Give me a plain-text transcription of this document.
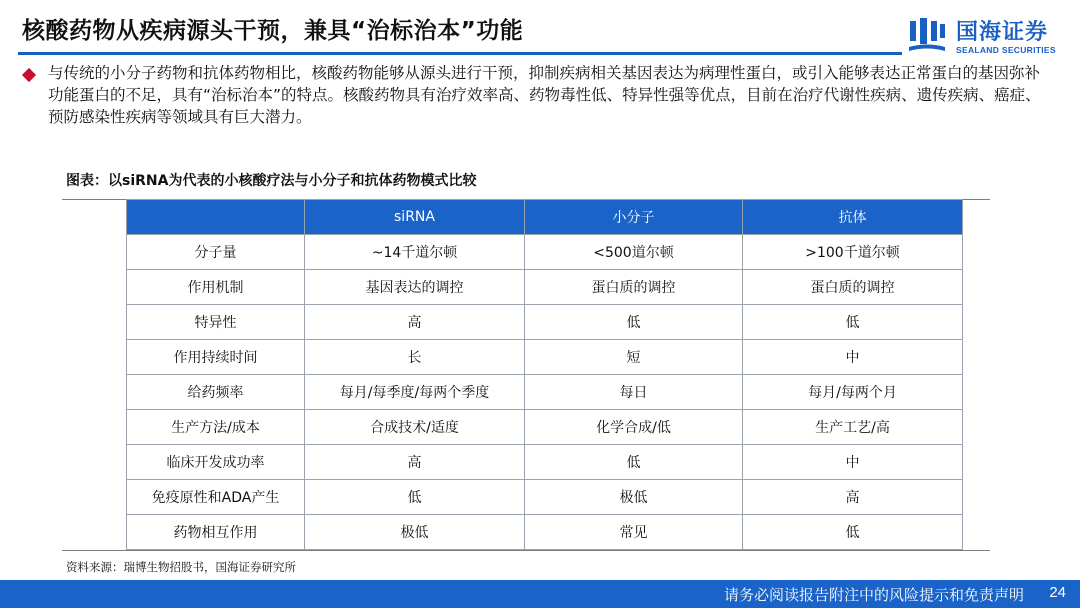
核酸药物从疾病源头干预，兼具“治标治本”功能	国海证券
SEALAND SECURITIES
与传统的小分子药物和抗体药物相比，核酸药物能够从源头进行干预，抑制疾病相关基因表达为病理性蛋白，或引入能够表达正常蛋白的基因弥补功能蛋白的不足，具有“治标治本”的特点。核酸药物具有治疗效率高、药物毒性低、特异性强等优点，目前在治疗代谢性疾病、遗传疾病、癌症、预防感染性疾病等领域具有巨大潜力。
图表：以siRNA为代表的小核酸疗法与小分子和抗体药物模式比较
	siRNA	小分子	抗体
分子量	~14千道尔顿	<500道尔顿	>100千道尔顿
作用机制	基因表达的调控	蛋白质的调控	蛋白质的调控
特异性	高	低	低
作用持续时间	长	短	中
给药频率	每月/每季度/每两个季度	每日	每月/每两个月
生产方法/成本	合成技术/适度	化学合成/低	生产工艺/高
临床开发成功率	高	低	中
免疫原性和ADA产生	低	极低	高
药物相互作用	极低	常见	低
资料来源：瑞博生物招股书，国海证券研究所
请务必阅读报告附注中的风险提示和免责声明 24
